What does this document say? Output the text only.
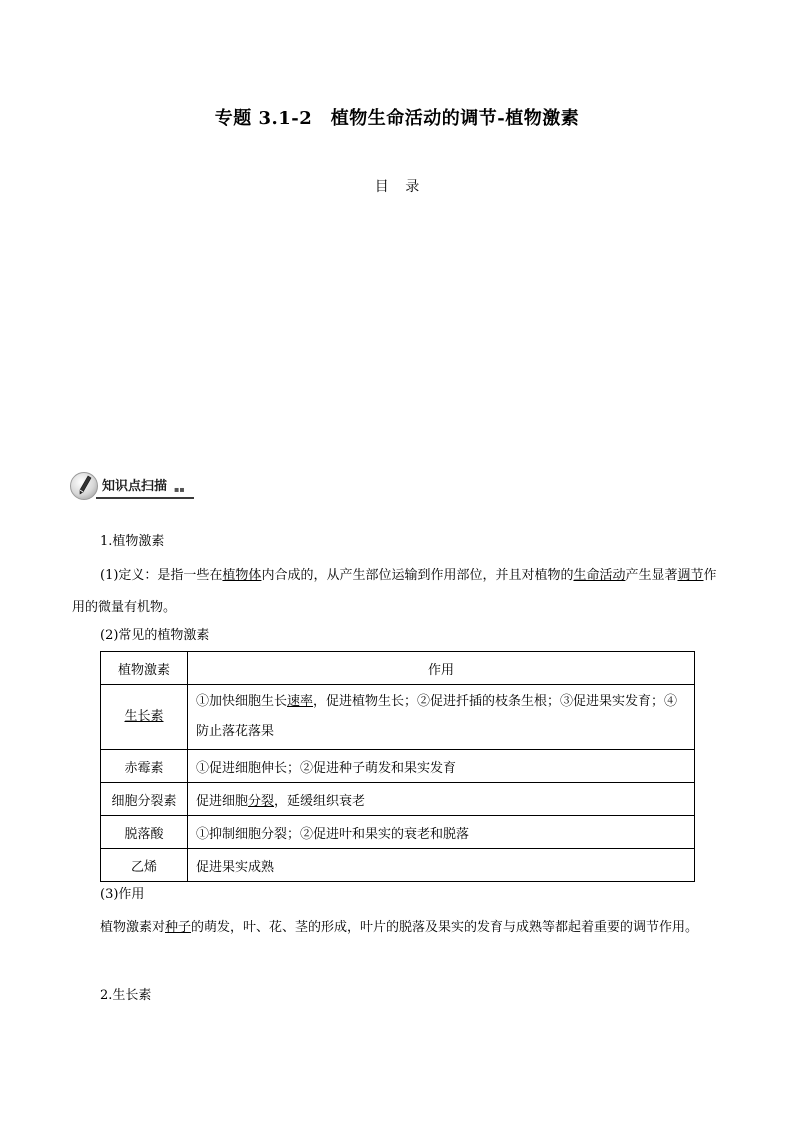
专题 3.1-2　植物生命活动的调节-植物激素
目 录
知识点扫描 ▪▪
1.植物激素
(1)定义：是指一些在植物体内合成的，从产生部位运输到作用部位，并且对植物的生命活动产生显著调节作用的微量有机物。
(2)常见的植物激素
植物激素	作用
生长素	①加快细胞生长速率，促进植物生长；②促进扦插的枝条生根；③促进果实发育；④防止落花落果
赤霉素	①促进细胞伸长；②促进种子萌发和果实发育
细胞分裂素	促进细胞分裂，延缓组织衰老
脱落酸	①抑制细胞分裂；②促进叶和果实的衰老和脱落
乙烯	促进果实成熟
(3)作用
植物激素对种子的萌发，叶、花、茎的形成，叶片的脱落及果实的发育与成熟等都起着重要的调节作用。
2.生长素
